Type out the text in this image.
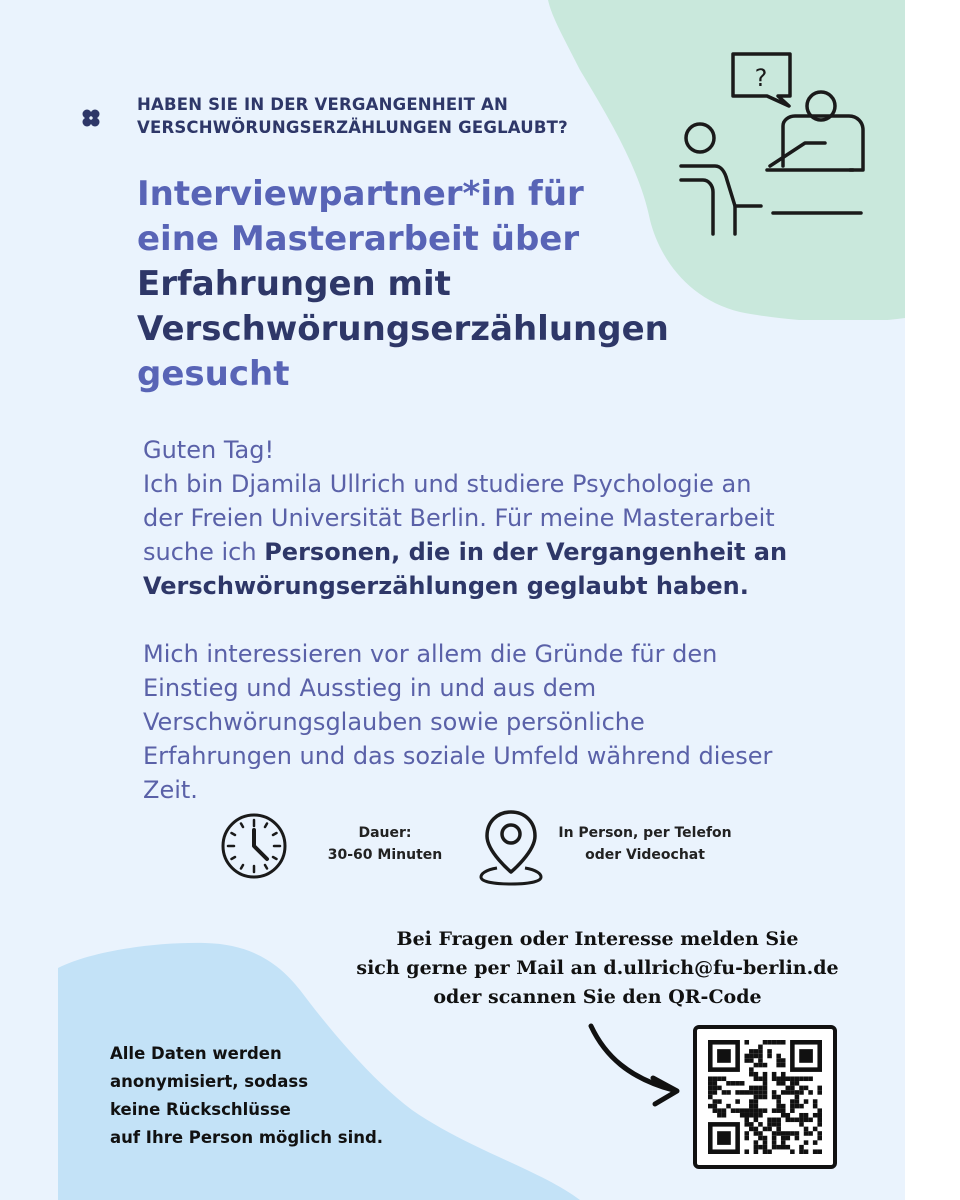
HABEN SIE IN DER VERGANGENHEIT AN
VERSCHWÖRUNGSERZÄHLUNGEN GEGLAUBT?
Interviewpartner*in für
eine Masterarbeit über
Erfahrungen mit
Verschwörungserzählungen
gesucht
?

Guten Tag!

Ich bin Djamila Ullrich und studiere Psychologie an

der Freien Universität Berlin. Für meine Masterarbeit

suche ich Personen, die in der Vergangenheit an

Verschwörungserzählungen geglaubt haben.

Mich interessieren vor allem die Gründe für den

Einstieg und Ausstieg in und aus dem

Verschwörungsglauben sowie persönliche

Erfahrungen und das soziale Umfeld während dieser

Zeit.

Dauer:
30-60 Minuten
In Person, per Telefon
oder Videochat
Bei Fragen oder Interesse melden Sie
sich gerne per Mail an d.ullrich@fu-berlin.de
oder scannen Sie den QR-Code
Alle Daten werden
anonymisiert, sodass
keine Rückschlüsse
auf Ihre Person möglich sind.
